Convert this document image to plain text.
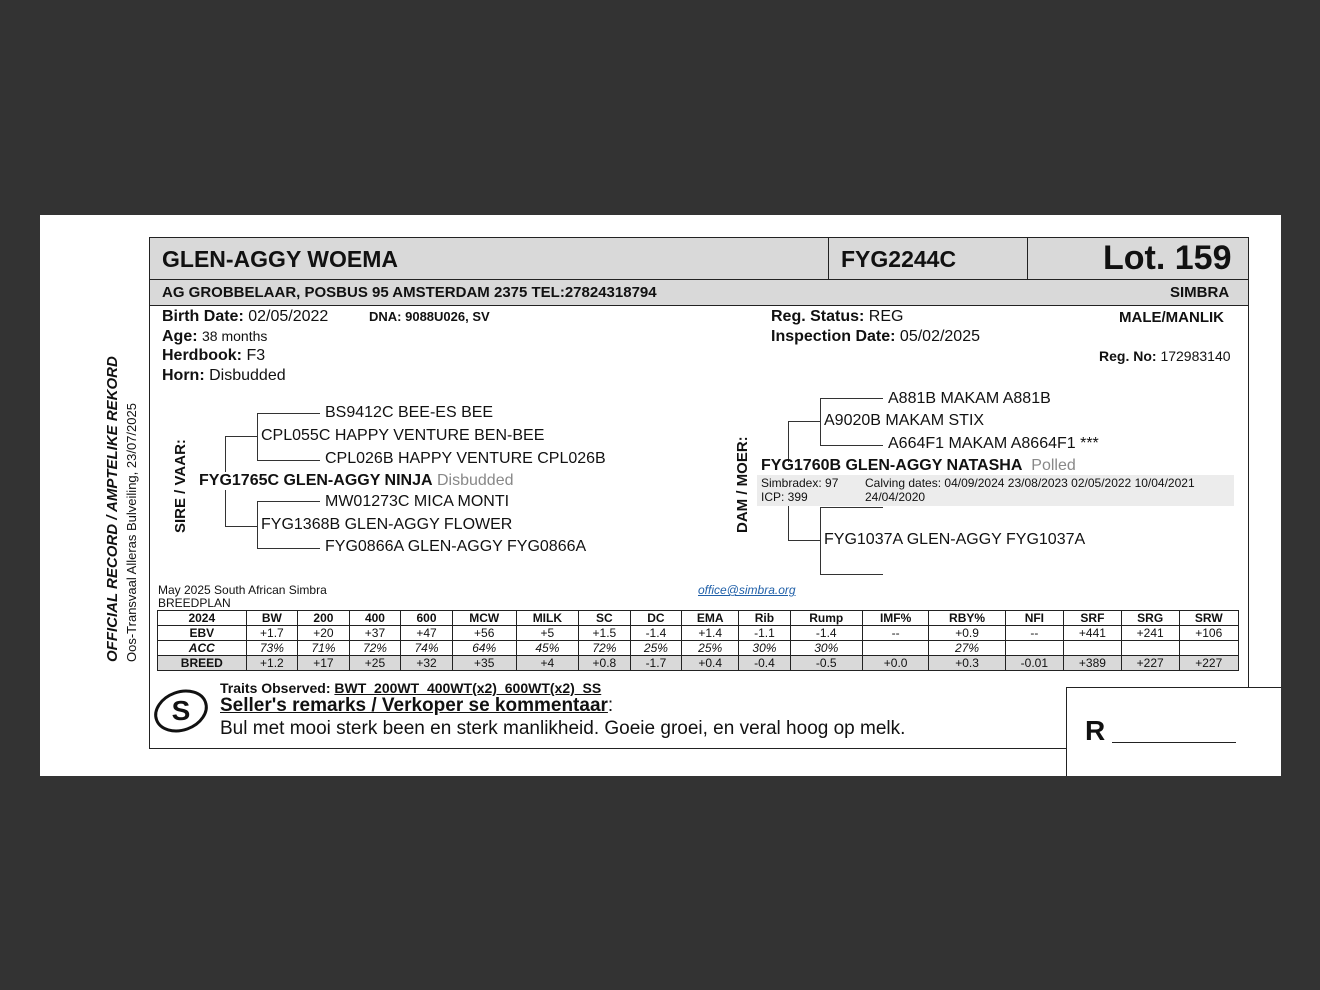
OFFICIAL RECORD / AMPTELIKE REKORD Oos-Transvaal Alleras Bulveiling, 23/07/2025
GLEN-AGGY WOEMA	FYG2244C	Lot. 159
AG GROBBELAAR, POSBUS 95 AMSTERDAM 2375 TEL:27824318794	SIMBRA
Birth Date: 02/05/2022	DNA: 9088U026, SV
Age: 38 months
Herdbook: F3
Horn: Disbudded
Reg. Status: REG
Inspection Date: 05/02/2025
MALE/MANLIK
Reg. No: 172983140
SIRE / VAAR:
BS9412C BEE-ES BEE
CPL055C HAPPY VENTURE BEN-BEE
CPL026B HAPPY VENTURE CPL026B
FYG1765C GLEN-AGGY NINJA Disbudded
MW01273C MICA MONTI
FYG1368B GLEN-AGGY FLOWER
FYG0866A GLEN-AGGY FYG0866A
DAM / MOER:
A881B MAKAM A881B
A9020B MAKAM STIX
A664F1 MAKAM A8664F1 ***
FYG1760B GLEN-AGGY NATASHA Polled
Simbradex: 97
ICP: 399
Calving dates: 04/09/2024 23/08/2023 02/05/2022 10/04/2021
24/04/2020
FYG1037A GLEN-AGGY FYG1037A
May 2025 South African Simbra
BREEDPLAN
office@simbra.org
2024	BW	200	400	600	MCW	MILK	SC	DC	EMA	Rib	Rump	IMF%	RBY%	NFI	SRF	SRG	SRW
EBV	+1.7	+20	+37	+47	+56	+5	+1.5	-1.4	+1.4	-1.1	-1.4	--	+0.9	--	+441	+241	+106
ACC	73%	71%	72%	74%	64%	45%	72%	25%	25%	30%	30%		27%				
BREED	+1.2	+17	+25	+32	+35	+4	+0.8	-1.7	+0.4	-0.4	-0.5	+0.0	+0.3	-0.01	+389	+227	+227
S
Traits Observed: BWT  200WT  400WT(x2)  600WT(x2)  SS
Seller's remarks / Verkoper se kommentaar:
Bul met mooi sterk been en sterk manlikheid. Goeie groei, en veral hoog op melk.	R
